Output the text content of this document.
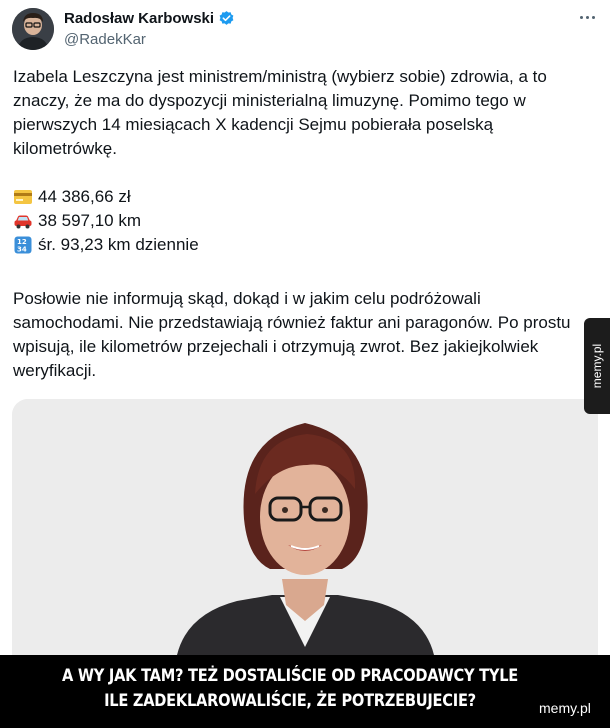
Radosław Karbowski
@RadekKar
Izabela Leszczyna jest ministrem/ministrą (wybierz sobie) zdrowia, a to znaczy, że ma do dyspozycji ministerialną limuzynę. Pomimo tego w pierwszych 14 miesiącach X kadencji Sejmu pobierała poselską kilometrówkę.
44 386,66 zł
38 597,10 km
12
34 śr. 93,23 km dziennie
Posłowie nie informują skąd, dokąd i w jakim celu podróżowali samochodami. Nie przedstawiają również faktur ani paragonów. Po prostu wpisują, ile kilometrów przejechali i otrzymują zwrot. Bez jakiejkolwiek weryfikacji.	memy.pl
A WY JAK TAM? TEŻ DOSTALIŚCIE OD PRACODAWCY TYLE
ILE ZADEKLAROWALIŚCIE, ŻE POTRZEBUJECIE?	memy.pl
